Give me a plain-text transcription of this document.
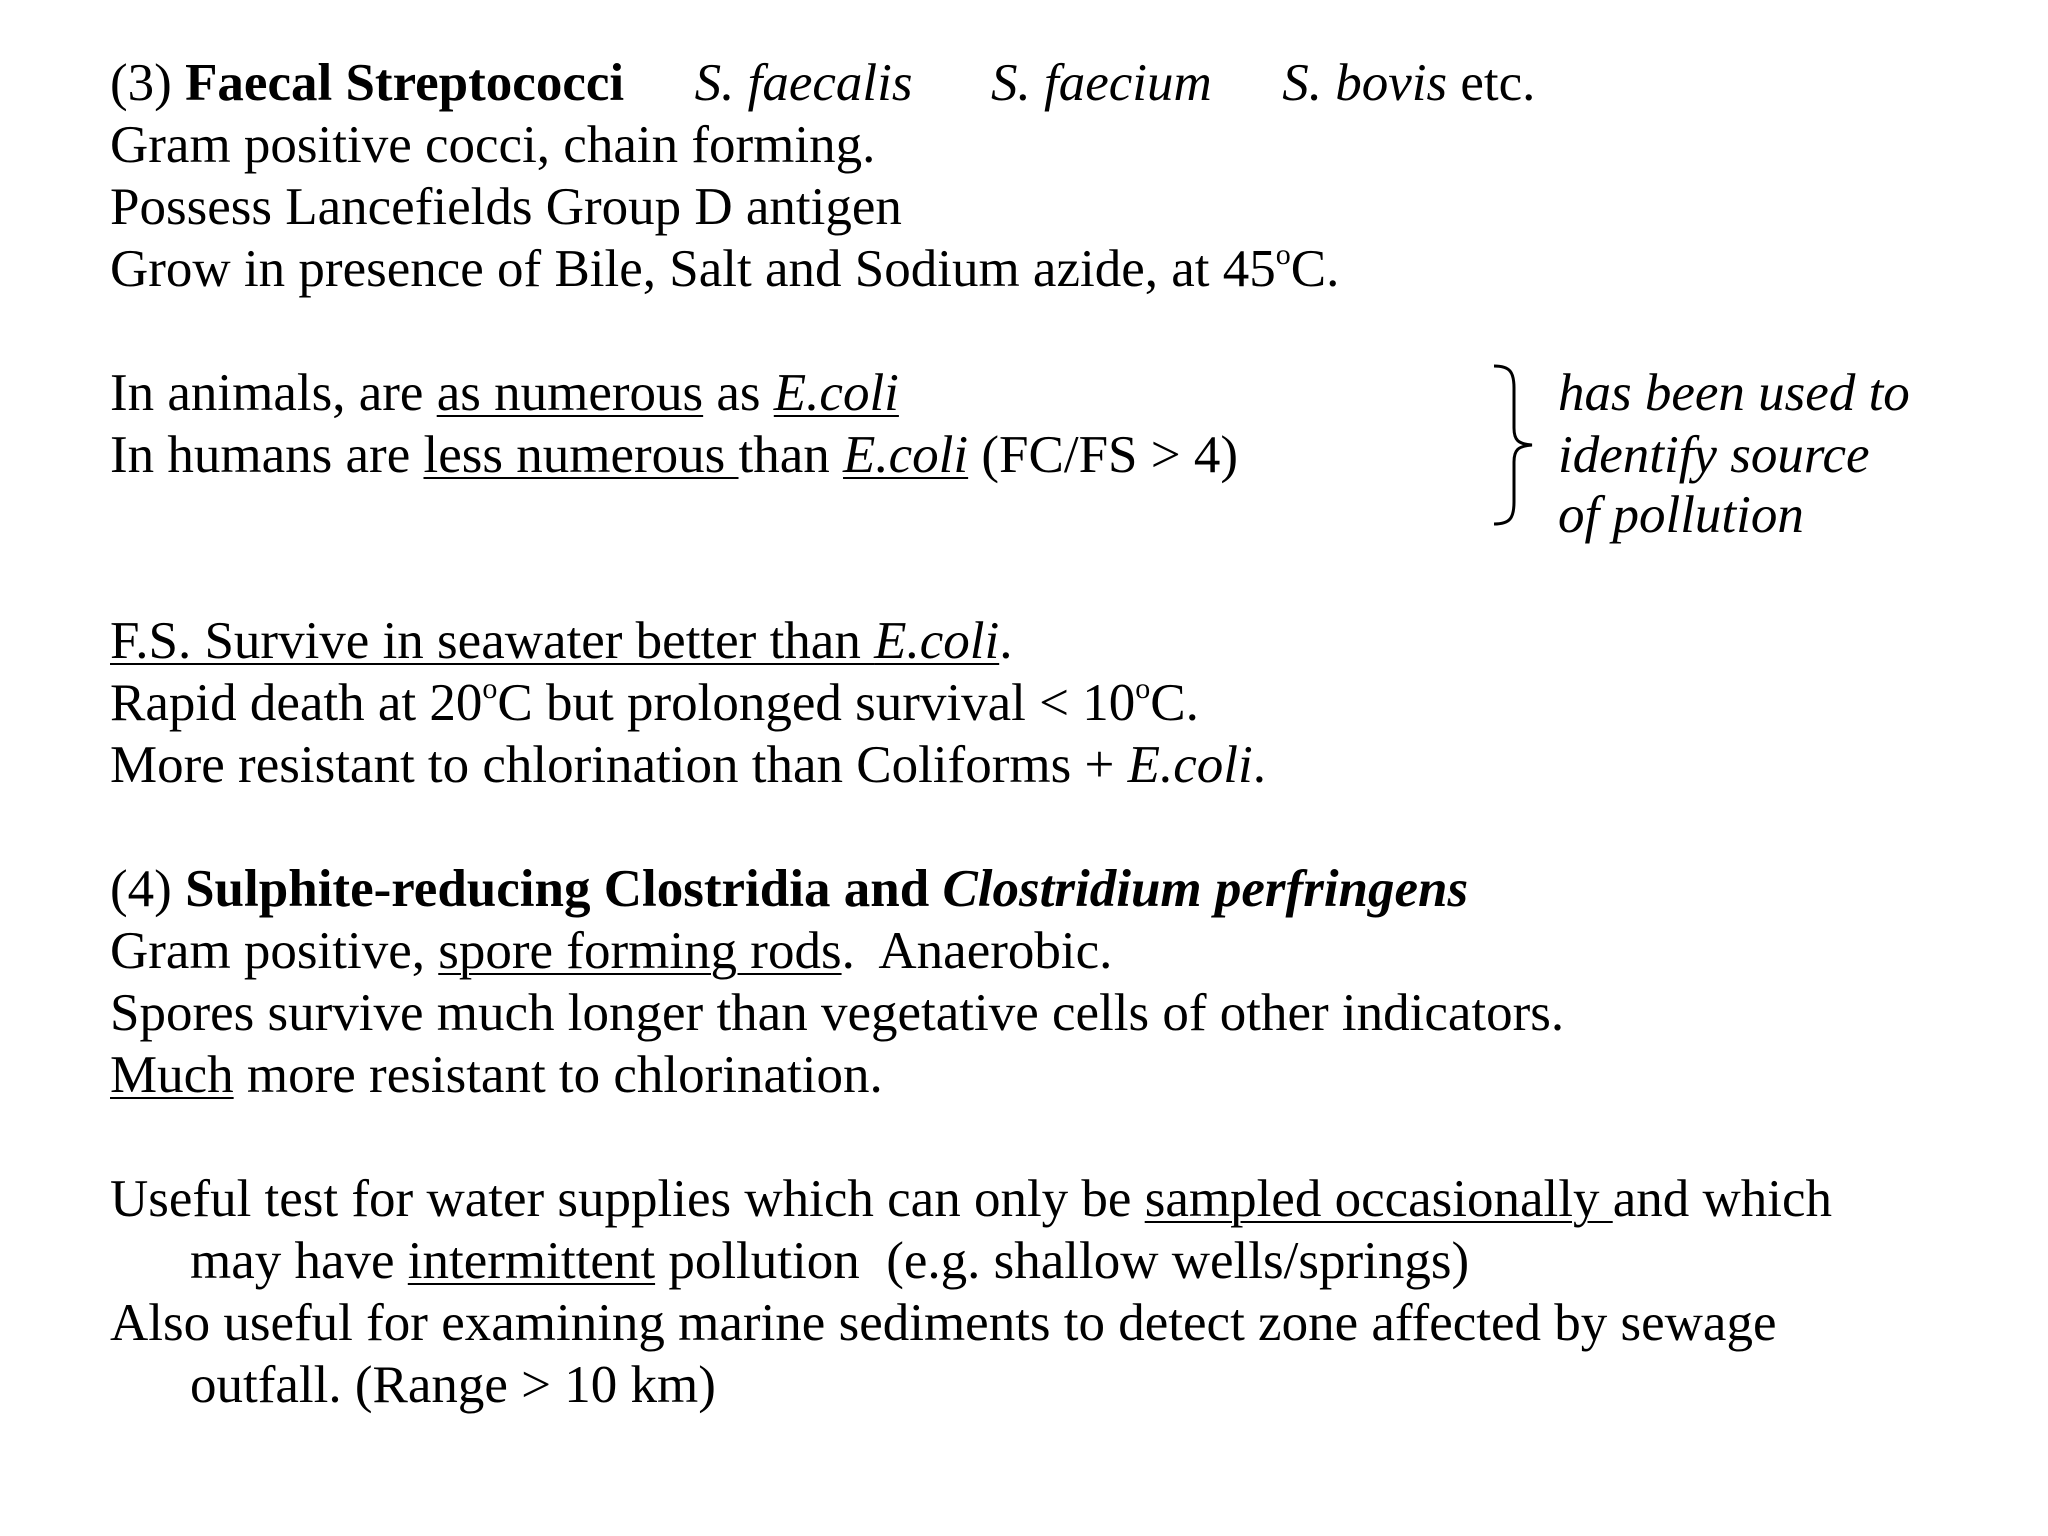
(3) Faecal Streptococci S. faecalis S. faecium S. bovis etc.
Gram positive cocci, chain forming.
Possess Lancefields Group D antigen
Grow in presence of Bile, Salt and Sodium azide, at 45$^o$C.
In animals, are as numerous as E.coli
In humans are less numerous than E.coli (FC/FS > 4)
has been used to
identify source
of pollution
F.S. Survive in seawater better than E.coli.
Rapid death at 20$^o$C but prolonged survival < $10^oC$.
More resistant to chlorination than Coliforms + E.coli.
(4) Sulphite-reducing Clostridia and Clostridium perfringens
Gram positive, spore forming rods.  Anaerobic.
Spores survive much longer than vegetative cells of other indicators.
Much more resistant to chlorination.
Useful test for water supplies which can only be sampled occasionally and which
may have intermittent pollution  (e.g. shallow wells/springs)
Also useful for examining marine sediments to detect zone affected by sewage
outfall. (Range > 10 km)
